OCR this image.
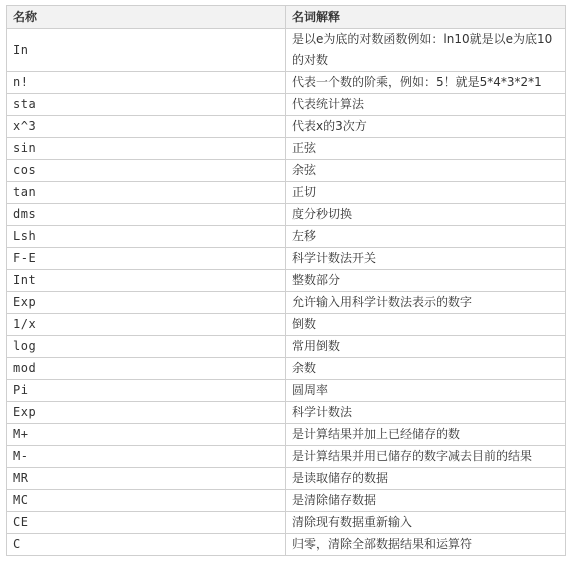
名称	名词解释
In	是以e为底的对数函数例如：ln10就是以e为底10的对数
n!	代表一个数的阶乘，例如：5！就是5*4*3*2*1
sta	代表统计算法
x^3	代表x的3次方
sin	正弦
cos	余弦
tan	正切
dms	度分秒切换
Lsh	左移
F-E	科学计数法开关
Int	整数部分
Exp	允许输入用科学计数法表示的数字
1/x	倒数
log	常用倒数
mod	余数
Pi	圆周率
Exp	科学计数法
M+	是计算结果并加上已经储存的数
M-	是计算结果并用已储存的数字减去目前的结果
MR	是读取储存的数据
MC	是清除储存数据
CE	清除现有数据重新输入
C	归零，清除全部数据结果和运算符
